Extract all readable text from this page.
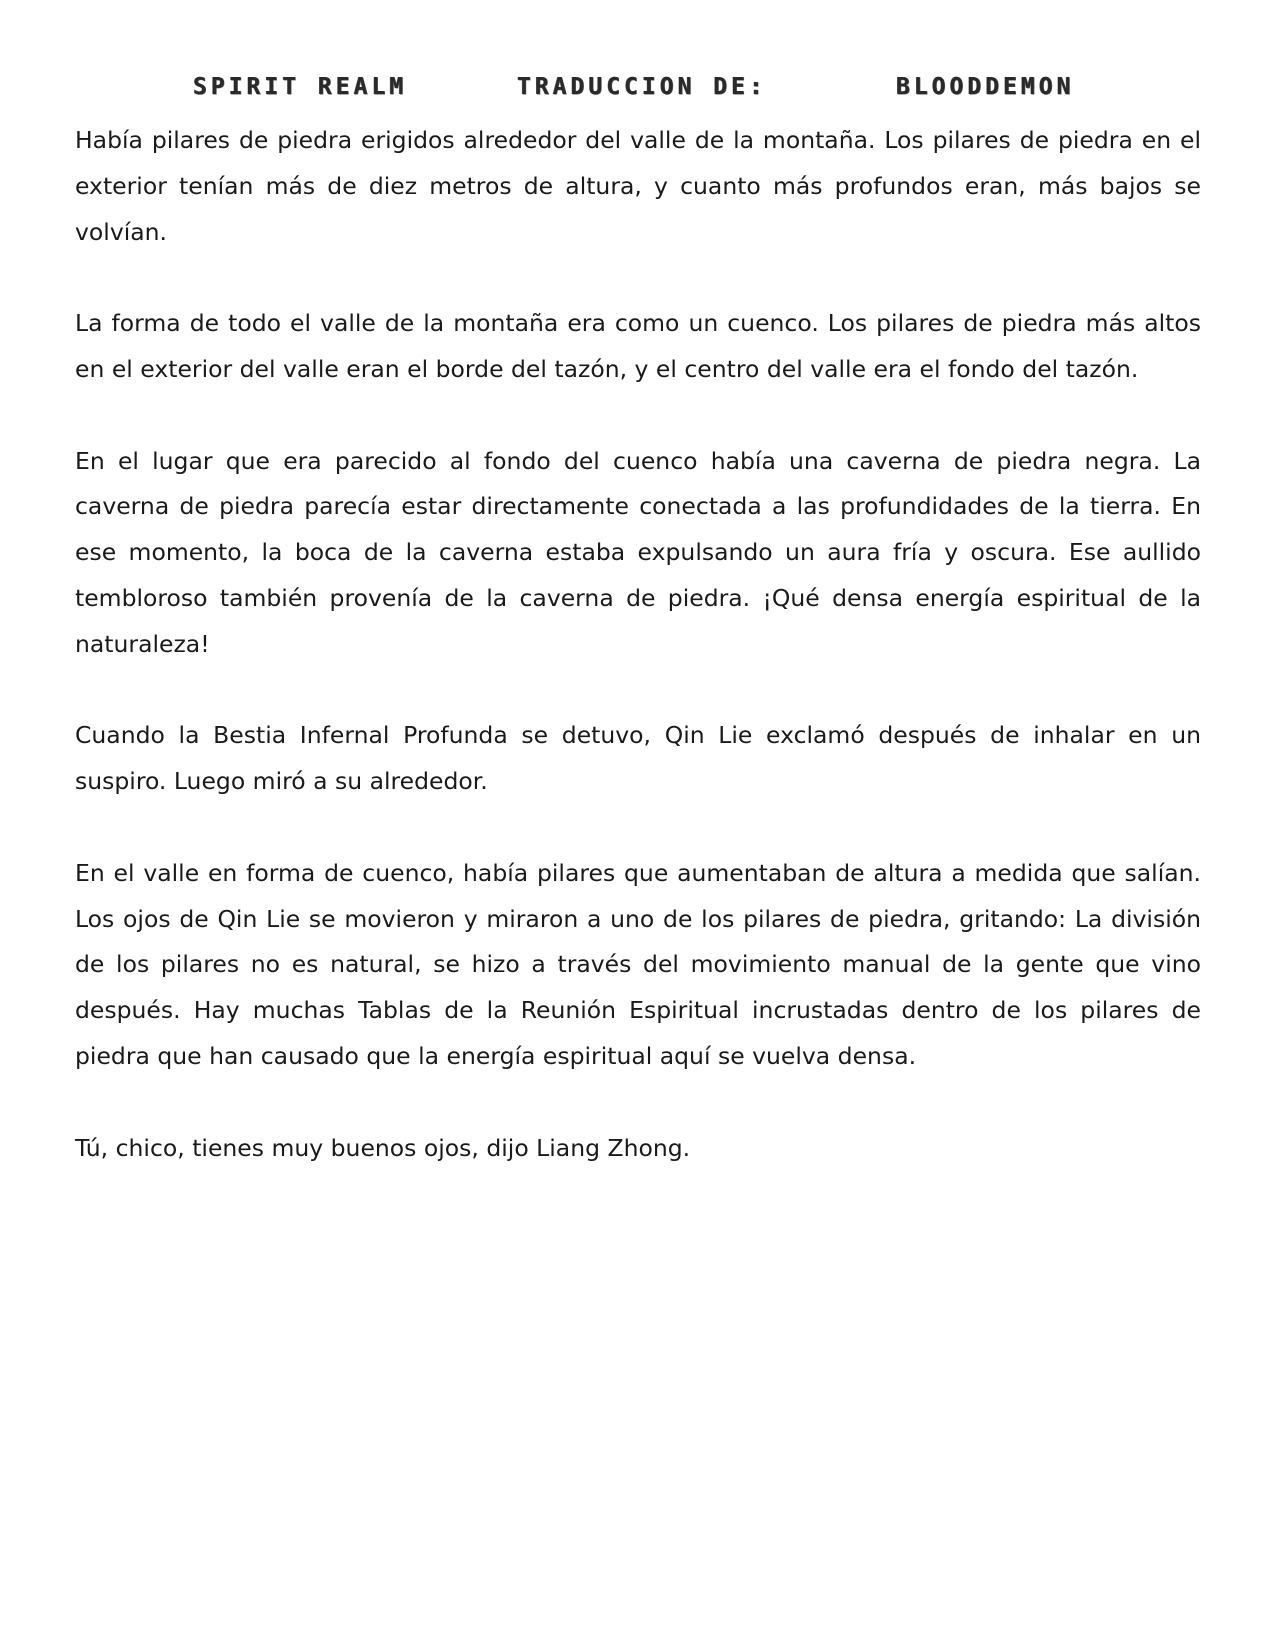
SPIRIT REALM	TRADUCCION DE:	BLOODDEMON

Había pilares de piedra erigidos alrededor del valle de la montaña. Los pilares de piedra en el exterior tenían más de diez metros de altura, y cuanto más profundos eran, más bajos se volvían.

La forma de todo el valle de la montaña era como un cuenco. Los pilares de piedra más altos en el exterior del valle eran el borde del tazón, y el centro del valle era el fondo del tazón.

En el lugar que era parecido al fondo del cuenco había una caverna de piedra negra. La caverna de piedra parecía estar directamente conectada a las profundidades de la tierra. En ese momento, la boca de la caverna estaba expulsando un aura fría y oscura. Ese aullido tembloroso también provenía de la caverna de piedra. ¡Qué densa energía espiritual de la naturaleza!

Cuando la Bestia Infernal Profunda se detuvo, Qin Lie exclamó después de inhalar en un suspiro. Luego miró a su alrededor.

En el valle en forma de cuenco, había pilares que aumentaban de altura a medida que salían. Los ojos de Qin Lie se movieron y miraron a uno de los pilares de piedra, gritando: La división de los pilares no es natural, se hizo a través del movimiento manual de la gente que vino después. Hay muchas Tablas de la Reunión Espiritual incrustadas dentro de los pilares de piedra que han causado que la energía espiritual aquí se vuelva densa.

Tú, chico, tienes muy buenos ojos, dijo Liang Zhong.
